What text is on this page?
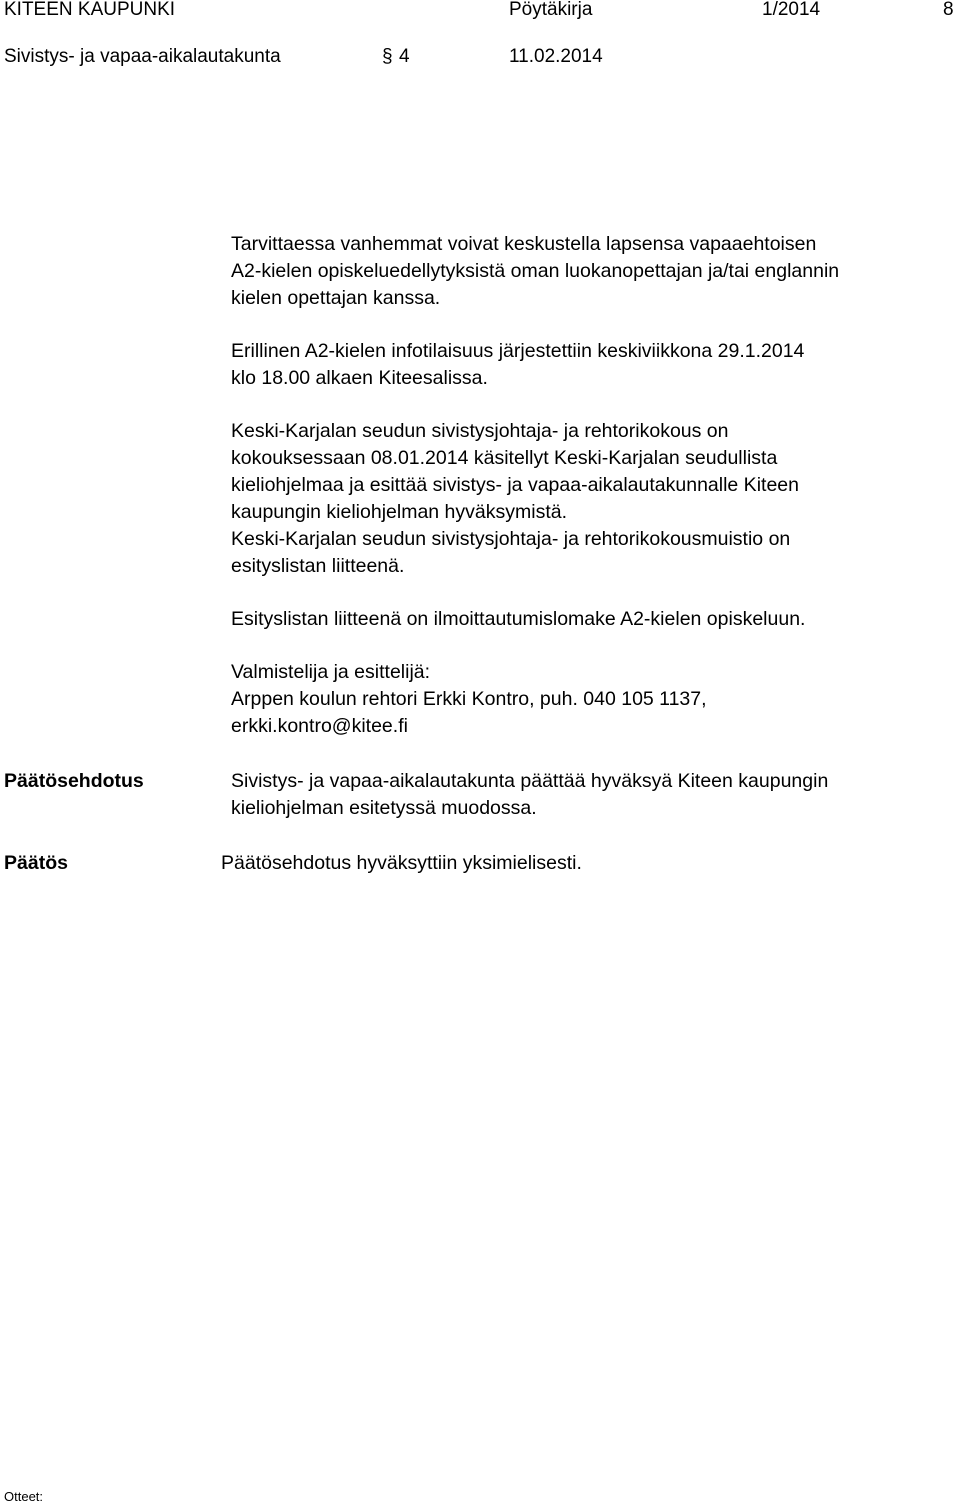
KITEEN KAUPUNKI	Pöytäkirja	1/2014	8
Sivistys- ja vapaa-aikalautakunta	§ 4	11.02.2014
Tarvittaessa vanhemmat voivat keskustella lapsensa vapaaehtoisen
A2-kielen opiskeluedellytyksistä oman luokanopettajan ja/tai englannin
kielen opettajan kanssa.
Erillinen A2-kielen infotilaisuus järjestettiin keskiviikkona 29.1.2014
klo 18.00 alkaen Kiteesalissa.
Keski-Karjalan seudun sivistysjohtaja- ja rehtorikokous on
kokouksessaan 08.01.2014 käsitellyt Keski-Karjalan seudullista
kieliohjelmaa ja esittää sivistys- ja vapaa-aikalautakunnalle Kiteen
kaupungin kieliohjelman hyväksymistä.
Keski-Karjalan seudun sivistysjohtaja- ja rehtorikokousmuistio on
esityslistan liitteenä.
Esityslistan liitteenä on ilmoittautumislomake A2-kielen opiskeluun.
Valmistelija ja esittelijä:
Arppen koulun rehtori Erkki Kontro, puh. 040 105 1137,
erkki.kontro@kitee.fi
Päätösehdotus	Sivistys- ja vapaa-aikalautakunta päättää hyväksyä Kiteen kaupungin
kieliohjelman esitetyssä muodossa.
Päätös	Päätösehdotus hyväksyttiin yksimielisesti.
Otteet:
